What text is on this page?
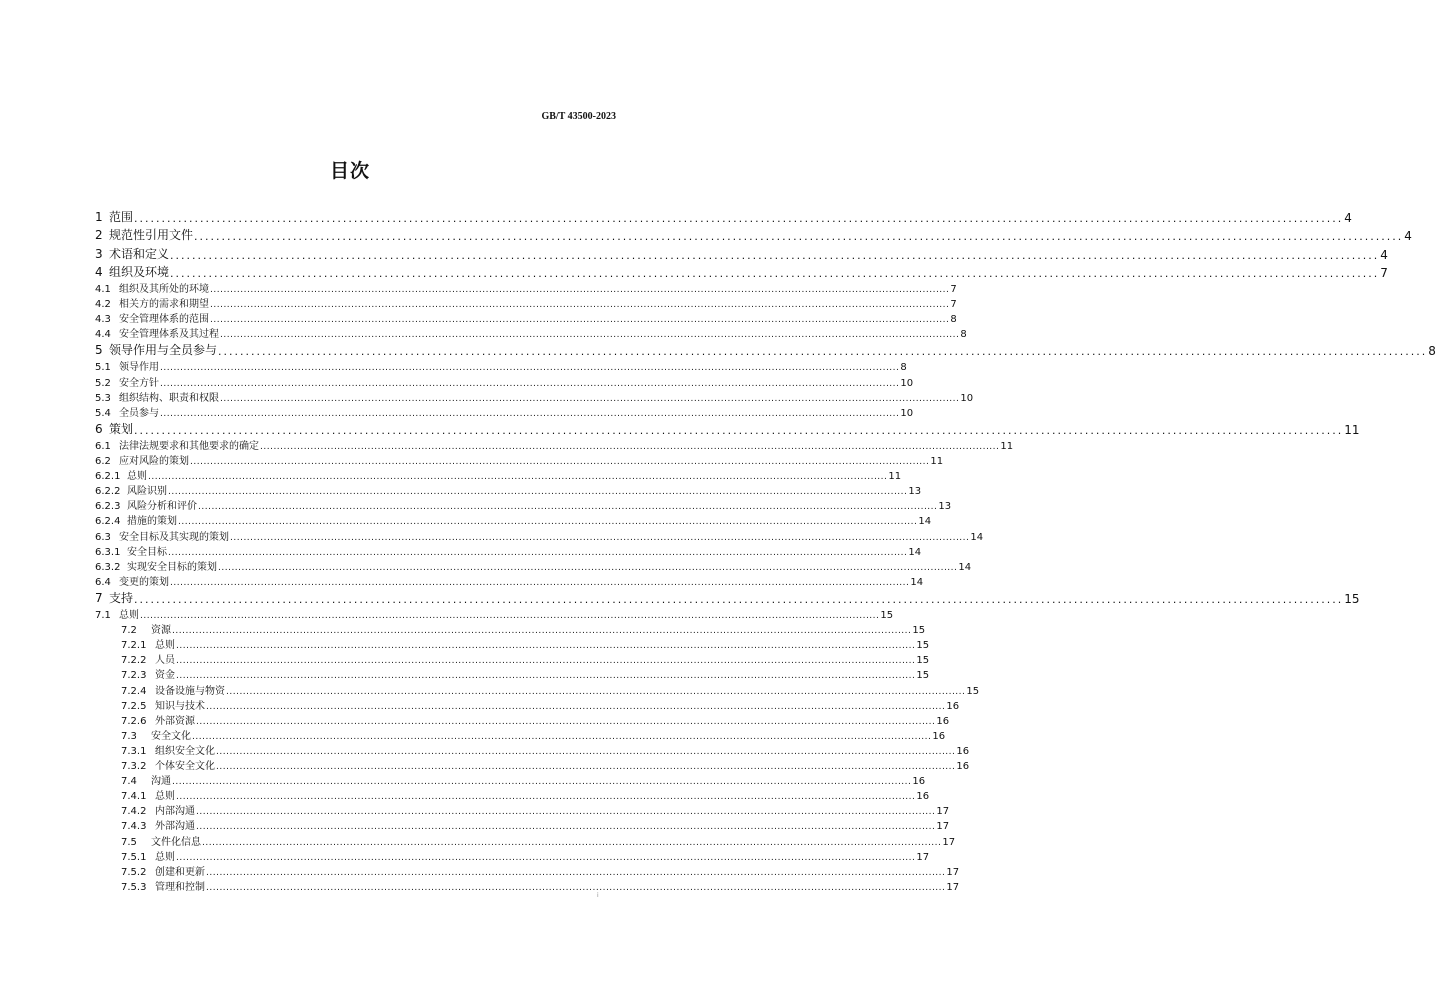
GB/T 43500-2023
目次
1 范围 ............................................................................................................................................................................................................................ 4
2 规范性引用文件 ............................................................................................................................................................................................................................ 4
3 术语和定义 ............................................................................................................................................................................................................................ 4
4 组织及环境 ............................................................................................................................................................................................................................ 7
4.1 组织及其所处的环境 ............................................................................................................................................................................................................................ 7
4.2 相关方的需求和期望 ............................................................................................................................................................................................................................ 7
4.3 安全管理体系的范围 ............................................................................................................................................................................................................................ 8
4.4 安全管理体系及其过程 ............................................................................................................................................................................................................................ 8
5 领导作用与全员参与 ............................................................................................................................................................................................................................ 8
5.1 领导作用 ............................................................................................................................................................................................................................ 8
5.2 安全方针 ............................................................................................................................................................................................................................ 10
5.3 组织结构、职责和权限 ............................................................................................................................................................................................................................ 10
5.4 全员参与 ............................................................................................................................................................................................................................ 10
6 策划 ............................................................................................................................................................................................................................ 11
6.1 法律法规要求和其他要求的确定 ............................................................................................................................................................................................................................ 11
6.2 应对风险的策划 ............................................................................................................................................................................................................................ 11
6.2.1 总则 ............................................................................................................................................................................................................................ 11
6.2.2 风险识别 ............................................................................................................................................................................................................................ 13
6.2.3 风险分析和评价 ............................................................................................................................................................................................................................ 13
6.2.4 措施的策划 ............................................................................................................................................................................................................................ 14
6.3 安全目标及其实现的策划 ............................................................................................................................................................................................................................ 14
6.3.1 安全目标 ............................................................................................................................................................................................................................ 14
6.3.2 实现安全目标的策划 ............................................................................................................................................................................................................................ 14
6.4 变更的策划 ............................................................................................................................................................................................................................ 14
7 支持 ............................................................................................................................................................................................................................ 15
7.1 总则 ............................................................................................................................................................................................................................ 15
7.2 资源 ............................................................................................................................................................................................................................ 15
7.2.1 总则 ............................................................................................................................................................................................................................ 15
7.2.2 人员 ............................................................................................................................................................................................................................ 15
7.2.3 资金 ............................................................................................................................................................................................................................ 15
7.2.4 设备设施与物资 ............................................................................................................................................................................................................................ 15
7.2.5 知识与技术 ............................................................................................................................................................................................................................ 16
7.2.6 外部资源 ............................................................................................................................................................................................................................ 16
7.3 安全文化 ............................................................................................................................................................................................................................ 16
7.3.1 组织安全文化 ............................................................................................................................................................................................................................ 16
7.3.2 个体安全文化 ............................................................................................................................................................................................................................ 16
7.4 沟通 ............................................................................................................................................................................................................................ 16
7.4.1 总则 ............................................................................................................................................................................................................................ 16
7.4.2 内部沟通 ............................................................................................................................................................................................................................ 17
7.4.3 外部沟通 ............................................................................................................................................................................................................................ 17
7.5 文件化信息 ............................................................................................................................................................................................................................ 17
7.5.1 总则 ............................................................................................................................................................................................................................ 17
7.5.2 创建和更新 ............................................................................................................................................................................................................................ 17
7.5.3 管理和控制 ............................................................................................................................................................................................................................ 17
i
